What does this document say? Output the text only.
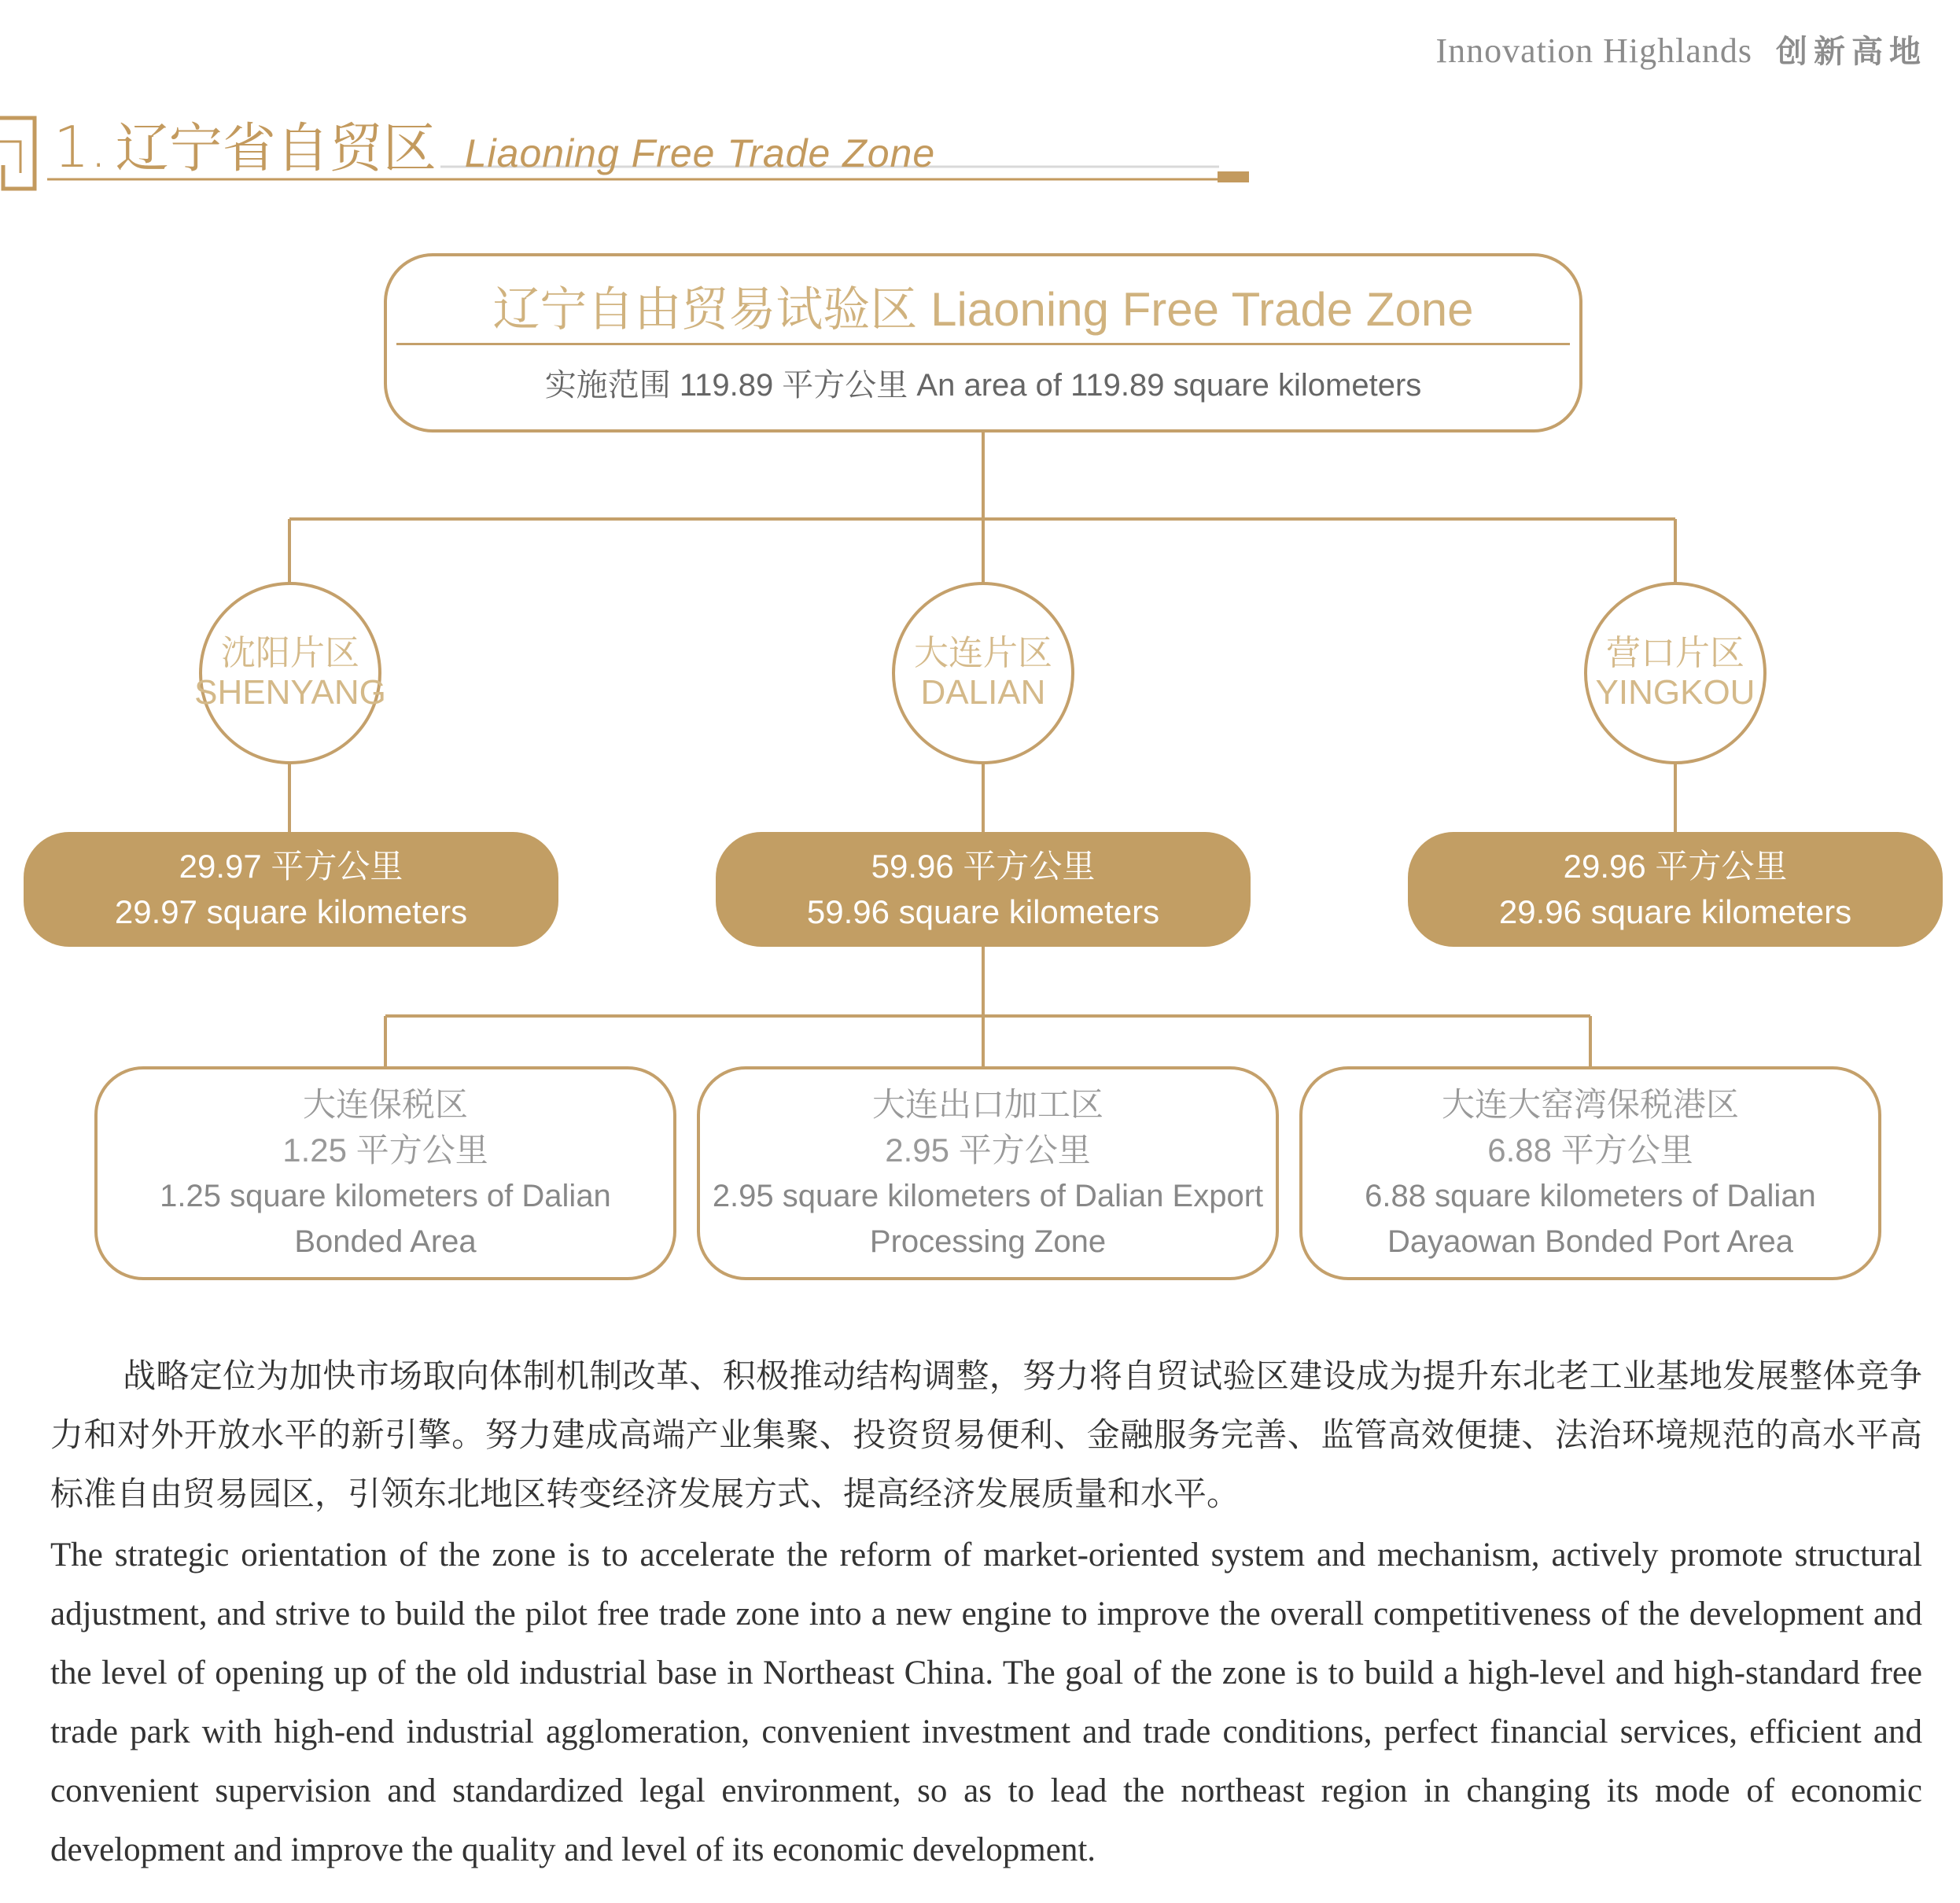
Innovation Highlands 创新高地
1. 辽宁省自贸区 Liaoning Free Trade Zone
辽宁自由贸易试验区 Liaoning Free Trade Zone
实施范围 119.89 平方公里 An area of 119.89 square kilometers
沈阳片区
SHENYANG
大连片区
DALIAN
营口片区
YINGKOU
29.97 平方公里
29.97 square kilometers
59.96 平方公里
59.96 square kilometers
29.96 平方公里
29.96 square kilometers
大连保税区
1.25 平方公里
1.25 square kilometers of Dalian Bonded Area
大连出口加工区
2.95 平方公里
2.95 square kilometers of Dalian Export Processing Zone
大连大窑湾保税港区
6.88 平方公里
6.88 square kilometers of Dalian Dayaowan Bonded Port Area
战略定位为加快市场取向体制机制改革、积极推动结构调整，努力将自贸试验区建设成为提升东北老工业基地发展整体竞争力和对外开放水平的新引擎。努力建成高端产业集聚、投资贸易便利、金融服务完善、监管高效便捷、法治环境规范的高水平高标准自由贸易园区，引领东北地区转变经济发展方式、提高经济发展质量和水平。
The strategic orientation of the zone is to accelerate the reform of market-oriented system and mechanism, actively promote structural adjustment, and strive to build the pilot free trade zone into a new engine to improve the overall competitiveness of the development and the level of opening up of the old industrial base in Northeast China. The goal of the zone is to build a high-level and high-standard free trade park with high-end industrial agglomeration, convenient investment and trade conditions, perfect financial services, efficient and convenient supervision and standardized legal environment, so as to lead the northeast region in changing its mode of economic development and improve the quality and level of its economic development.
